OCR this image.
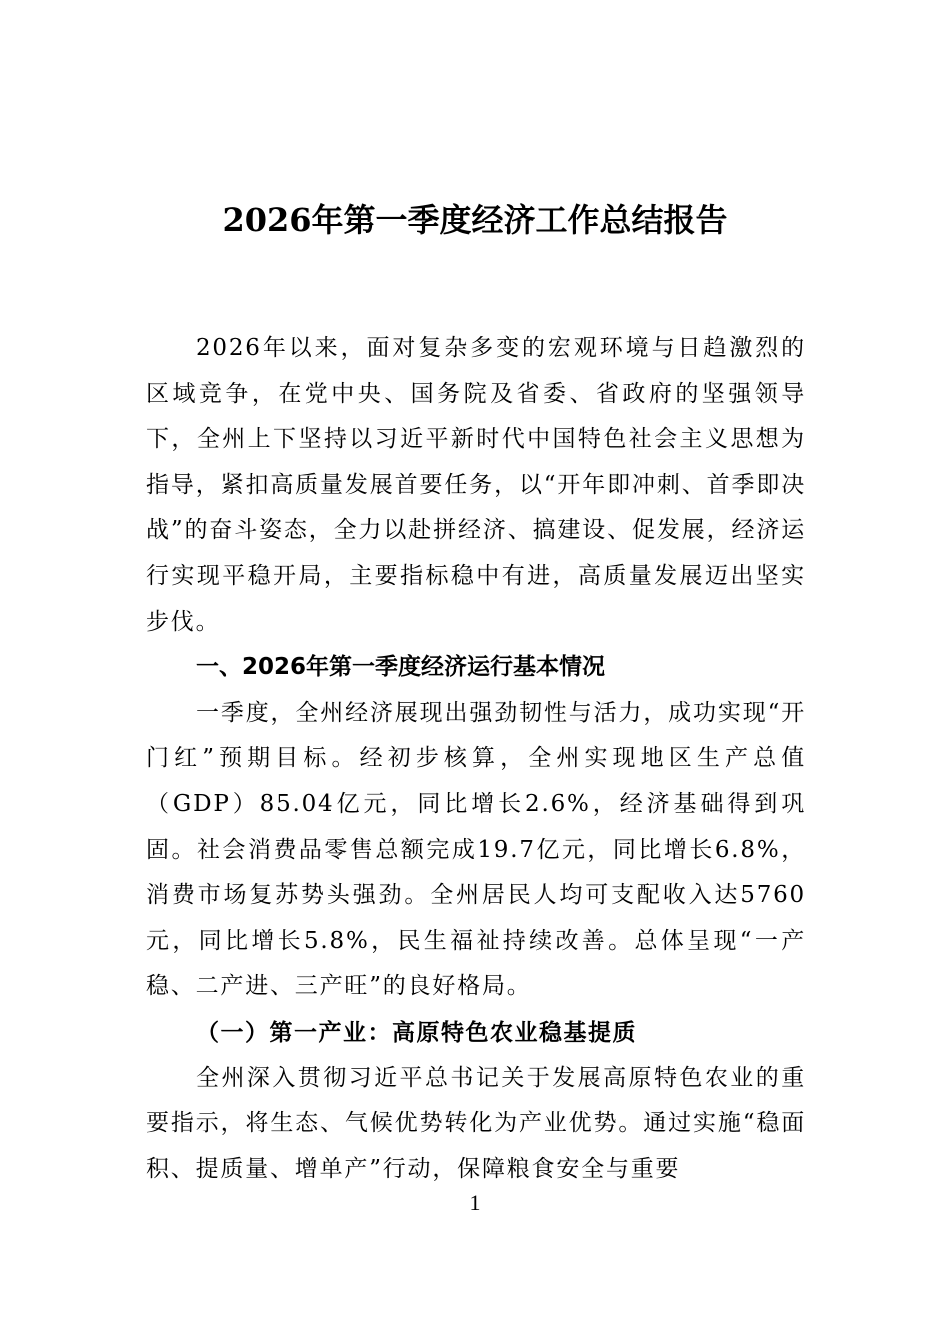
2026年第一季度经济工作总结报告

2026年以来，面对复杂多变的宏观环境与日趋激烈的区域竞争，在党中央、国务院及省委、省政府的坚强领导下，全州上下坚持以习近平新时代中国特色社会主义思想为指导，紧扣高质量发展首要任务，以“开年即冲刺、首季即决战”的奋斗姿态，全力以赴拼经济、搞建设、促发展，经济运行实现平稳开局，主要指标稳中有进，高质量发展迈出坚实步伐。

一、2026年第一季度经济运行基本情况

一季度，全州经济展现出强劲韧性与活力，成功实现“开门红”预期目标。经初步核算，全州实现地区生产总值（GDP）85.04亿元，同比增长2.6%，经济基础得到巩固。社会消费品零售总额完成19.7亿元，同比增长6.8%，消费市场复苏势头强劲。全州居民人均可支配收入达5760元，同比增长5.8%，民生福祉持续改善。总体呈现“一产稳、二产进、三产旺”的良好格局。

（一）第一产业：高原特色农业稳基提质

全州深入贯彻习近平总书记关于发展高原特色农业的重要指示，将生态、气候优势转化为产业优势。通过实施“稳面积、提质量、增单产”行动，保障粮食安全与重要

1
